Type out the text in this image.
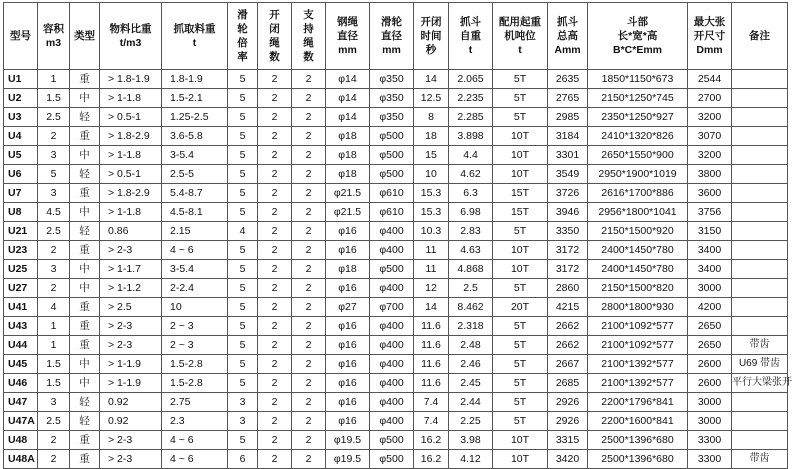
型号	容积
m3	类型	物料比重
t/m3	抓取料重
t	滑
轮
倍
率	开
闭
绳
数	支
持
绳
数	钢绳
直径
mm	滑轮
直径
mm	开闭
时间
秒	抓斗
自重
t	配用起重
机吨位
t	抓斗
总高
Amm	斗部
长*宽*高
B*C*Emm	最大张
开尺寸
Dmm	备注

U1	1	重	> 1.8-1.9	1.8-1.9	5	2	2	φ14	φ350	14	2.065	5T	2635	1850*1150*673	2544	
U2	1.5	中	> 1-1.8	1.5-2.1	5	2	2	φ14	φ350	12.5	2.235	5T	2765	2150*1250*745	2700	
U3	2.5	轻	> 0.5-1	1.25-2.5	5	2	2	φ14	φ350	8	2.285	5T	2985	2350*1250*927	3200	
U4	2	重	> 1.8-2.9	3.6-5.8	5	2	2	φ18	φ500	18	3.898	10T	3184	2410*1320*826	3070	
U5	3	中	> 1-1.8	3-5.4	5	2	2	φ18	φ500	15	4.4	10T	3301	2650*1550*900	3200	
U6	5	轻	> 0.5-1	2.5-5	5	2	2	φ18	φ500	10	4.62	10T	3549	2950*1900*1019	3800	
U7	3	重	> 1.8-2.9	5.4-8.7	5	2	2	φ21.5	φ610	15.3	6.3	15T	3726	2616*1700*886	3600	
U8	4.5	中	> 1-1.8	4.5-8.1	5	2	2	φ21.5	φ610	15.3	6.98	15T	3946	2956*1800*1041	3756	
U21	2.5	轻	0.86	2.15	4	2	2	φ16	φ400	10.3	2.83	5T	3350	2150*1500*920	3150	
U23	2	重	> 2-3	4 ~ 6	5	2	2	φ16	φ400	11	4.63	10T	3172	2400*1450*780	3400	
U25	3	中	> 1-1.7	3-5.4	5	2	2	φ18	φ500	11	4.868	10T	3172	2400*1450*780	3400	
U27	2	中	> 1-1.2	2-2.4	5	2	2	φ16	φ400	12	2.5	5T	2860	2150*1500*820	3000	
U41	4	重	> 2.5	10	5	2	2	φ27	φ700	14	8.462	20T	4215	2800*1800*930	4200	
U43	1	重	> 2-3	2 ~ 3	5	2	2	φ16	φ400	11.6	2.318	5T	2662	2100*1092*577	2650	
U44	1	重	> 2-3	2 ~ 3	5	2	2	φ16	φ400	11.6	2.48	5T	2662	2100*1092*577	2650	带齿
U45	1.5	中	> 1-1.9	1.5-2.8	5	2	2	φ16	φ400	11.6	2.46	5T	2667	2100*1392*577	2600	U69 带齿
U46	1.5	中	> 1-1.9	1.5-2.8	5	2	2	φ16	φ400	11.6	2.45	5T	2685	2100*1392*577	2600	平行大梁张开
U47	3	轻	0.92	2.75	3	2	2	φ16	φ400	7.4	2.44	5T	2926	2200*1796*841	3000	
U47A	2.5	轻	0.92	2.3	3	2	2	φ16	φ400	7.4	2.25	5T	2926	2200*1600*841	3000	
U48	2	重	> 2-3	4 ~ 6	5	2	2	φ19.5	φ500	16.2	3.98	10T	3315	2500*1396*680	3300	
U48A	2	重	> 2-3	4 ~ 6	6	2	2	φ19.5	φ500	16.2	4.12	10T	3420	2500*1396*680	3300	带齿
